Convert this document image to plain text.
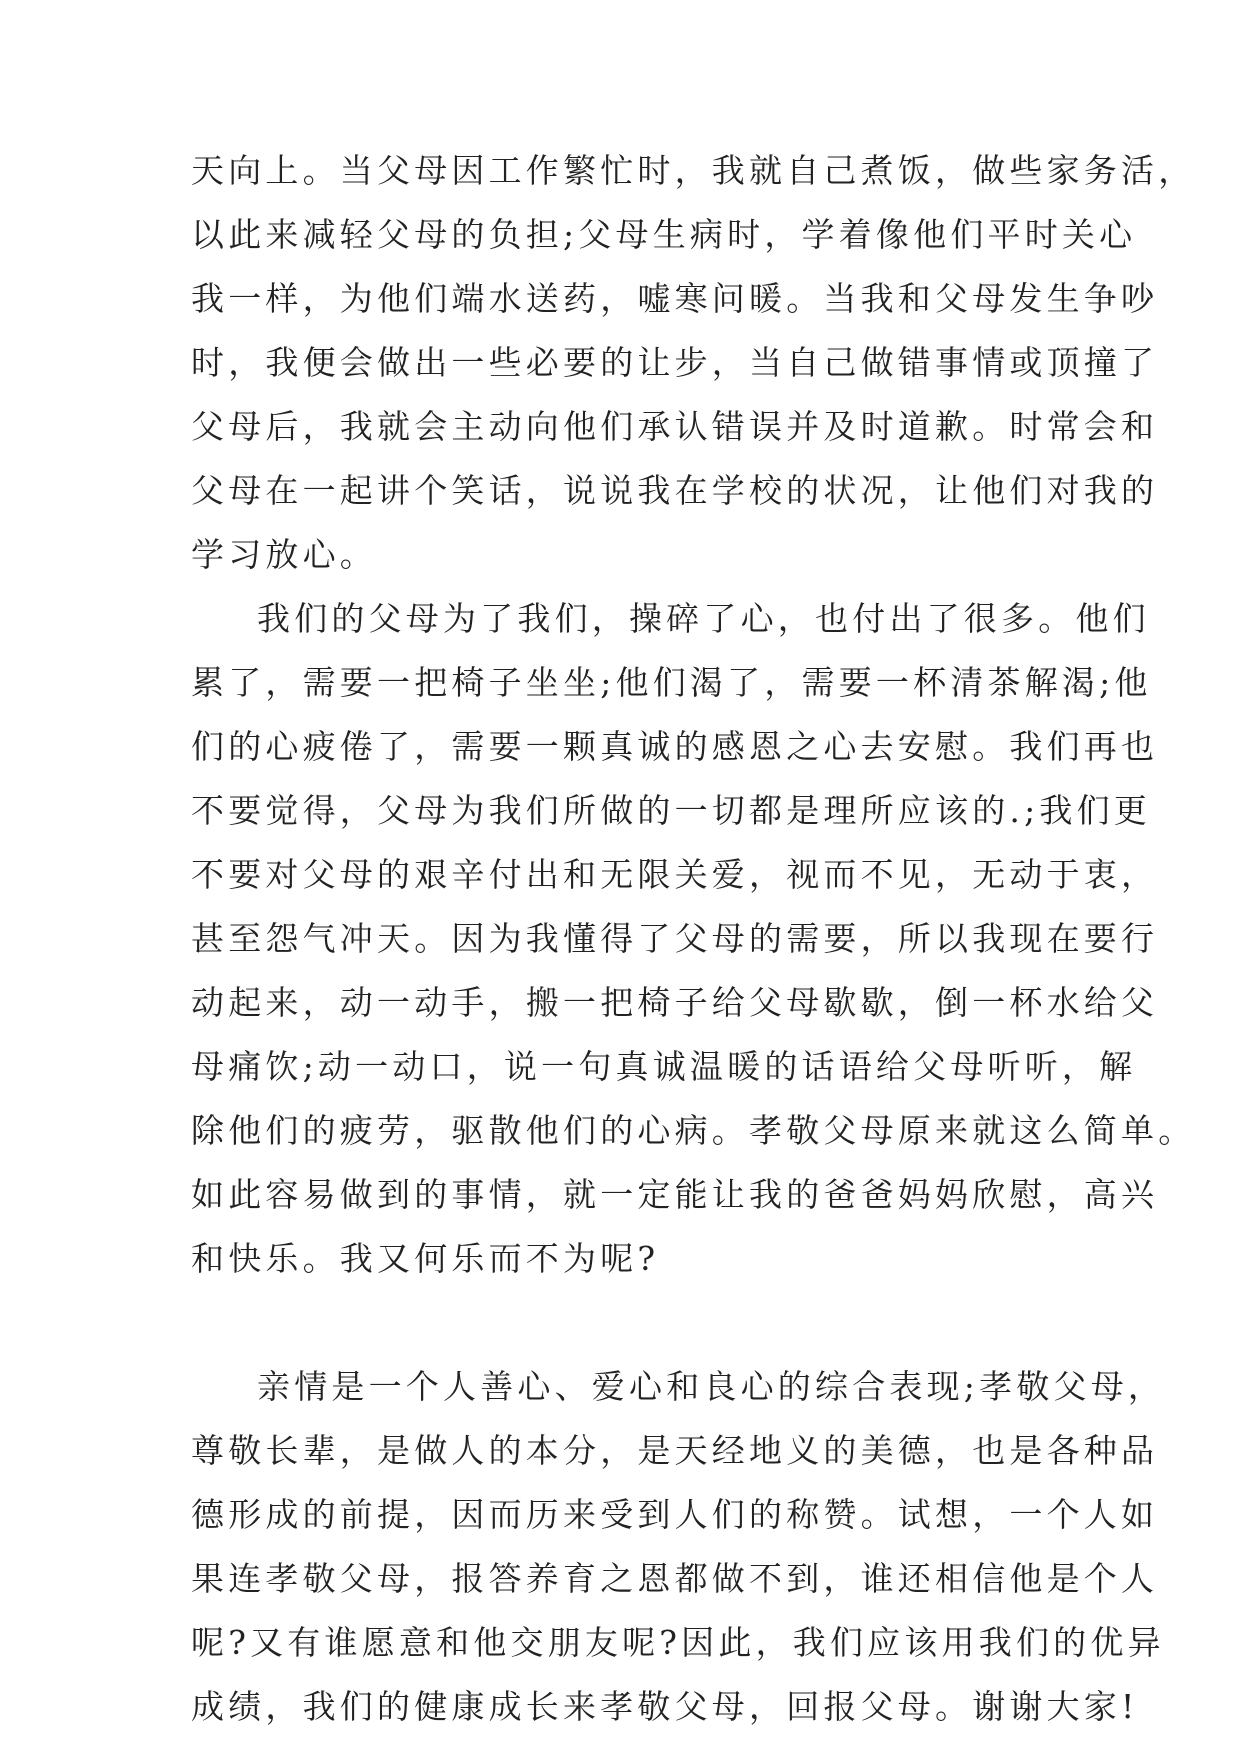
天向上。当父母因工作繁忙时，我就自己煮饭，做些家务活，
以此来减轻父母的负担;父母生病时，学着像他们平时关心
我一样，为他们端水送药，嘘寒问暖。当我和父母发生争吵
时，我便会做出一些必要的让步，当自己做错事情或顶撞了
父母后，我就会主动向他们承认错误并及时道歉。时常会和
父母在一起讲个笑话，说说我在学校的状况，让他们对我的
学习放心。
我们的父母为了我们，操碎了心，也付出了很多。他们
累了，需要一把椅子坐坐;他们渴了，需要一杯清茶解渴;他
们的心疲倦了，需要一颗真诚的感恩之心去安慰。我们再也
不要觉得，父母为我们所做的一切都是理所应该的.;我们更
不要对父母的艰辛付出和无限关爱，视而不见，无动于衷，
甚至怨气冲天。因为我懂得了父母的需要，所以我现在要行
动起来，动一动手，搬一把椅子给父母歇歇，倒一杯水给父
母痛饮;动一动口，说一句真诚温暖的话语给父母听听，解
除他们的疲劳，驱散他们的心病。孝敬父母原来就这么简单。
如此容易做到的事情，就一定能让我的爸爸妈妈欣慰，高兴
和快乐。我又何乐而不为呢?
亲情是一个人善心、爱心和良心的综合表现;孝敬父母，
尊敬长辈，是做人的本分，是天经地义的美德，也是各种品
德形成的前提，因而历来受到人们的称赞。试想，一个人如
果连孝敬父母，报答养育之恩都做不到，谁还相信他是个人
呢?又有谁愿意和他交朋友呢?因此，我们应该用我们的优异
成绩，我们的健康成长来孝敬父母，回报父母。谢谢大家!
